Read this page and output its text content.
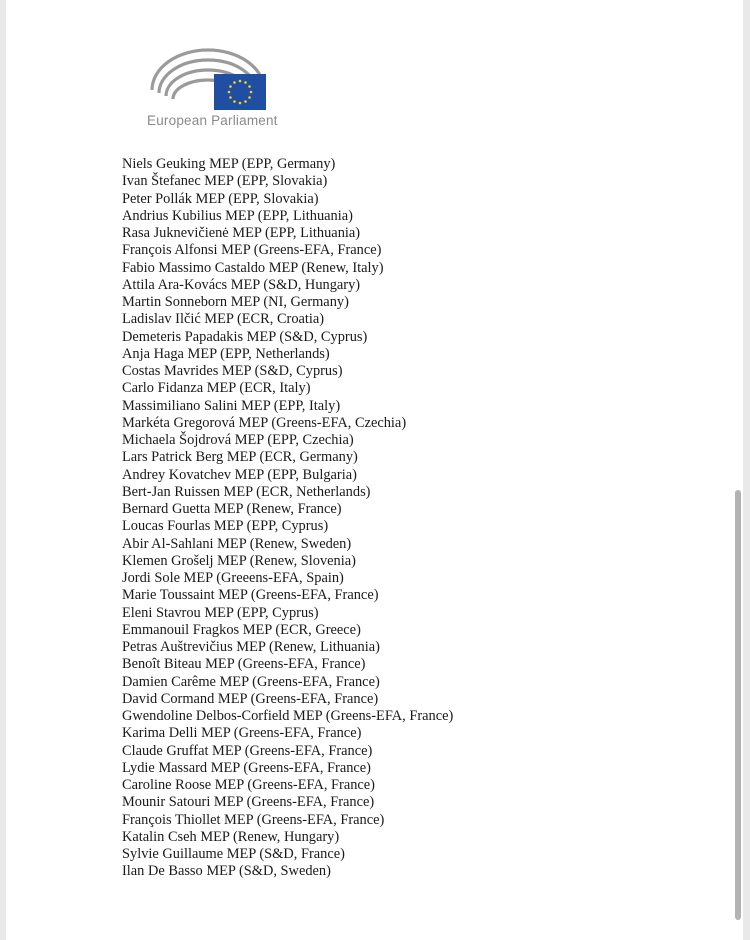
European Parliament
Niels Geuking MEP (EPP, Germany)
Ivan Štefanec MEP (EPP, Slovakia)
Peter Pollák MEP (EPP, Slovakia)
Andrius Kubilius MEP (EPP, Lithuania)
Rasa Juknevičienė MEP (EPP, Lithuania)
François Alfonsi MEP (Greens-EFA, France)
Fabio Massimo Castaldo MEP (Renew, Italy)
Attila Ara-Kovács MEP (S&D, Hungary)
Martin Sonneborn MEP (NI, Germany)
Ladislav Ilčić MEP (ECR, Croatia)
Demeteris Papadakis MEP (S&D, Cyprus)
Anja Haga MEP (EPP, Netherlands)
Costas Mavrides MEP (S&D, Cyprus)
Carlo Fidanza MEP (ECR, Italy)
Massimiliano Salini MEP (EPP, Italy)
Markéta Gregorová MEP (Greens-EFA, Czechia)
Michaela Šojdrová MEP (EPP, Czechia)
Lars Patrick Berg MEP (ECR, Germany)
Andrey Kovatchev MEP (EPP, Bulgaria)
Bert-Jan Ruissen MEP (ECR, Netherlands)
Bernard Guetta MEP (Renew, France)
Loucas Fourlas MEP (EPP, Cyprus)
Abir Al-Sahlani MEP (Renew, Sweden)
Klemen Grošelj MEP (Renew, Slovenia)
Jordi Sole MEP (Greeens-EFA, Spain)
Marie Toussaint MEP (Greens-EFA, France)
Eleni Stavrou MEP (EPP, Cyprus)
Emmanouil Fragkos MEP (ECR, Greece)
Petras Auštrevičius MEP (Renew, Lithuania)
Benoît Biteau MEP (Greens-EFA, France)
Damien Carême MEP (Greens-EFA, France)
David Cormand MEP (Greens-EFA, France)
Gwendoline Delbos-Corfield MEP (Greens-EFA, France)
Karima Delli MEP (Greens-EFA, France)
Claude Gruffat MEP (Greens-EFA, France)
Lydie Massard MEP (Greens-EFA, France)
Caroline Roose MEP (Greens-EFA, France)
Mounir Satouri MEP (Greens-EFA, France)
François Thiollet MEP (Greens-EFA, France)
Katalin Cseh MEP (Renew, Hungary)
Sylvie Guillaume MEP (S&D, France)
Ilan De Basso MEP (S&D, Sweden)
